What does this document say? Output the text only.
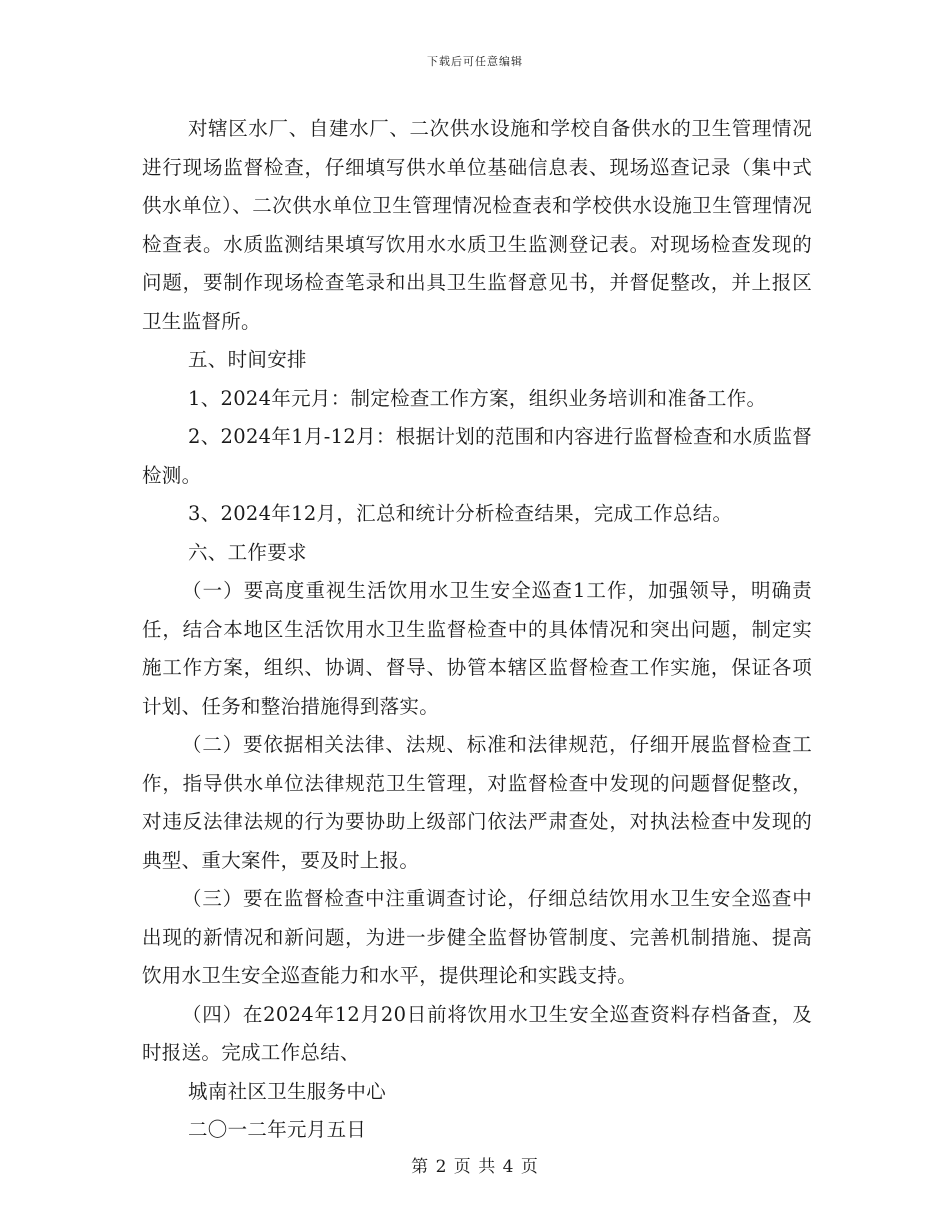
下载后可任意编辑

对辖区水厂、自建水厂、二次供水设施和学校自备供水的卫生管理情况进行现场监督检查，仔细填写供水单位基础信息表、现场巡查记录（集中式供水单位）、二次供水单位卫生管理情况检查表和学校供水设施卫生管理情况检查表。水质监测结果填写饮用水水质卫生监测登记表。对现场检查发现的问题，要制作现场检查笔录和出具卫生监督意见书，并督促整改，并上报区卫生监督所。

五、时间安排

1、2024年元月：制定检查工作方案，组织业务培训和准备工作。

2、2024年1月-12月：根据计划的范围和内容进行监督检查和水质监督检测。

3、2024年12月，汇总和统计分析检查结果，完成工作总结。

六、工作要求

（一）要高度重视生活饮用水卫生安全巡查1工作，加强领导，明确责任，结合本地区生活饮用水卫生监督检查中的具体情况和突出问题，制定实施工作方案，组织、协调、督导、协管本辖区监督检查工作实施，保证各项计划、任务和整治措施得到落实。

（二）要依据相关法律、法规、标准和法律规范，仔细开展监督检查工作，指导供水单位法律规范卫生管理，对监督检查中发现的问题督促整改，对违反法律法规的行为要协助上级部门依法严肃查处，对执法检查中发现的典型、重大案件，要及时上报。

（三）要在监督检查中注重调查讨论，仔细总结饮用水卫生安全巡查中出现的新情况和新问题，为进一步健全监督协管制度、完善机制措施、提高饮用水卫生安全巡查能力和水平，提供理论和实践支持。

（四）在2024年12月20日前将饮用水卫生安全巡查资料存档备查，及时报送。完成工作总结、

城南社区卫生服务中心

二〇一二年元月五日

第 2 页 共 4 页
